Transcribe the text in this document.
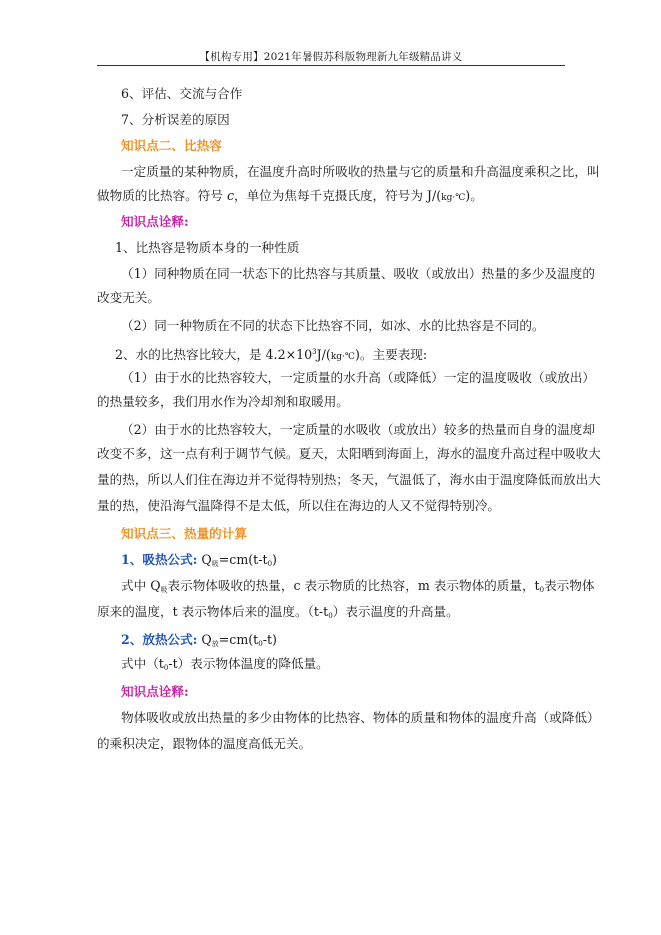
【机构专用】2021年暑假苏科版物理新九年级精品讲义
6、评估、交流与合作
7、分析误差的原因
知识点二、比热容
一定质量的某种物质，在温度升高时所吸收的热量与它的质量和升高温度乘积之比，叫
做物质的比热容。符号 c，单位为焦每千克摄氏度，符号为 J/(kg·℃)。
知识点诠释:
1、比热容是物质本身的一种性质
（1）同种物质在同一状态下的比热容与其质量、吸收（或放出）热量的多少及温度的
改变无关。
（2）同一种物质在不同的状态下比热容不同，如冰、水的比热容是不同的。
2、水的比热容比较大，是 $4.2\times 10^3J/(kg\cdot℃)$。主要表现:
（1）由于水的比热容较大，一定质量的水升高（或降低）一定的温度吸收（或放出）
的热量较多，我们用水作为冷却剂和取暖用。
（2）由于水的比热容较大，一定质量的水吸收（或放出）较多的热量而自身的温度却
改变不多，这一点有利于调节气候。夏天，太阳晒到海面上，海水的温度升高过程中吸收大
量的热，所以人们住在海边并不觉得特别热；冬天，气温低了，海水由于温度降低而放出大
量的热，使沿海气温降得不是太低，所以住在海边的人又不觉得特别冷。
知识点三、热量的计算
1、吸热公式: $Q_吸=cm(t-t_0)$
式中 $Q_吸$表示物体吸收的热量，c 表示物质的比热容，m 表示物体的质量，$t_0$表示物体
原来的温度，t 表示物体后来的温度。$(t-t_0)$表示温度的升高量。
2、放热公式: $Q_放=cm(t_0-t)$
式中$(t_0-t)$表示物体温度的降低量。
知识点诠释:
物体吸收或放出热量的多少由物体的比热容、物体的质量和物体的温度升高（或降低）
的乘积决定，跟物体的温度高低无关。
